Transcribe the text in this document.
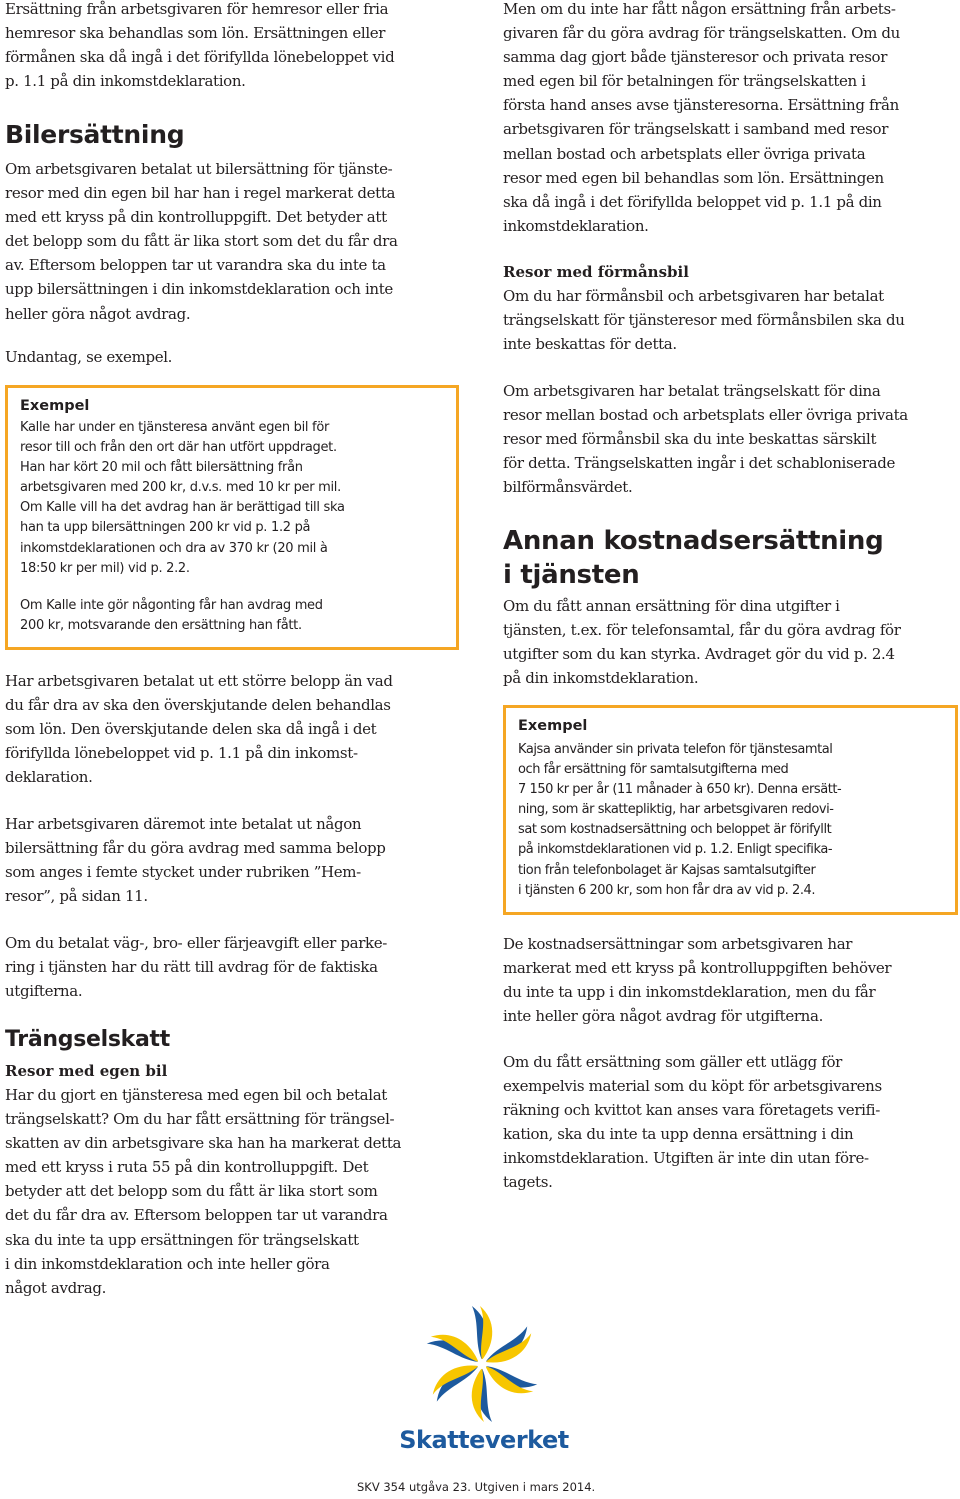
Ersättning från arbetsgivaren för hemresor eller fria
hemresor ska behandlas som lön. Ersättningen eller
förmånen ska då ingå i det förifyllda lönebeloppet vid
p. 1.1 på din inkomstdeklaration.

Bilersättning

Om arbetsgivaren betalat ut bilersättning för tjänste-
resor med din egen bil har han i regel markerat detta
med ett kryss på din kontrolluppgift. Det betyder att
det belopp som du fått är lika stort som det du får dra
av. Eftersom beloppen tar ut varandra ska du inte ta
upp bilersättningen i din inkomstdeklaration och inte
heller göra något avdrag.

Undantag, se exempel.

Exempel

Kalle har under en tjänsteresa använt egen bil för
resor till och från den ort där han utfört uppdraget.
Han har kört 20 mil och fått bilersättning från
arbetsgivaren med 200 kr, d.v.s. med 10 kr per mil.
Om Kalle vill ha det avdrag han är berättigad till ska
han ta upp bilersättningen 200 kr vid p. 1.2 på
inkomstdeklarationen och dra av 370 kr (20 mil à
18:50 kr per mil) vid p. 2.2.

Om Kalle inte gör någonting får han avdrag med
200 kr, motsvarande den ersättning han fått.

Har arbetsgivaren betalat ut ett större belopp än vad
du får dra av ska den överskjutande delen behandlas
som lön. Den överskjutande delen ska då ingå i det
förifyllda lönebeloppet vid p. 1.1 på din inkomst-
deklaration.

Har arbetsgivaren däremot inte betalat ut någon
bilersättning får du göra avdrag med samma belopp
som anges i femte stycket under rubriken ”Hem-
resor”, på sidan 11.

Om du betalat väg-, bro- eller färjeavgift eller parke-
ring i tjänsten har du rätt till avdrag för de faktiska
utgifterna.

Trängselskatt
Resor med egen bil

Har du gjort en tjänsteresa med egen bil och betalat
trängselskatt? Om du har fått ersättning för trängsel-
skatten av din arbetsgivare ska han ha markerat detta
med ett kryss i ruta 55 på din kontrolluppgift. Det
betyder att det belopp som du fått är lika stort som
det du får dra av. Eftersom beloppen tar ut varandra
ska du inte ta upp ersättningen för trängselskatt
i din inkomstdeklaration och inte heller göra
något avdrag.

Men om du inte har fått någon ersättning från arbets-
givaren får du göra avdrag för trängselskatten. Om du
samma dag gjort både tjänsteresor och privata resor
med egen bil för betalningen för trängselskatten i
första hand anses avse tjänsteresorna. Ersättning från
arbetsgivaren för trängselskatt i samband med resor
mellan bostad och arbetsplats eller övriga privata
resor med egen bil behandlas som lön. Ersättningen
ska då ingå i det förifyllda beloppet vid p. 1.1 på din
inkomstdeklaration.

Resor med förmånsbil

Om du har förmånsbil och arbetsgivaren har betalat
trängselskatt för tjänsteresor med förmånsbilen ska du
inte beskattas för detta.

Om arbetsgivaren har betalat trängselskatt för dina
resor mellan bostad och arbetsplats eller övriga privata
resor med förmånsbil ska du inte beskattas särskilt
för detta. Trängselskatten ingår i det schabloniserade
bilförmånsvärdet.

Annan kostnadsersättning
i tjänsten

Om du fått annan ersättning för dina utgifter i
tjänsten, t.ex. för telefonsamtal, får du göra avdrag för
utgifter som du kan styrka. Avdraget gör du vid p. 2.4
på din inkomstdeklaration.

Exempel

Kajsa använder sin privata telefon för tjänstesamtal
och får ersättning för samtalsutgifterna med
7 150 kr per år (11 månader à 650 kr). Denna ersätt-
ning, som är skattepliktig, har arbetsgivaren redovi-
sat som kostnadsersättning och beloppet är förifyllt
på inkomstdeklarationen vid p. 1.2. Enligt specifika-
tion från telefonbolaget är Kajsas samtalsutgifter
i tjänsten 6 200 kr, som hon får dra av vid p. 2.4.

De kostnadsersättningar som arbetsgivaren har
markerat med ett kryss på kontrolluppgiften behöver
du inte ta upp i din inkomstdeklaration, men du får
inte heller göra något avdrag för utgifterna.

Om du fått ersättning som gäller ett utlägg för
exempelvis material som du köpt för arbetsgivarens
räkning och kvittot kan anses vara företagets verifi-
kation, ska du inte ta upp denna ersättning i din
inkomstdeklaration. Utgiften är inte din utan före-
tagets.

Skatteverket
SKV 354 utgåva 23. Utgiven i mars 2014.
